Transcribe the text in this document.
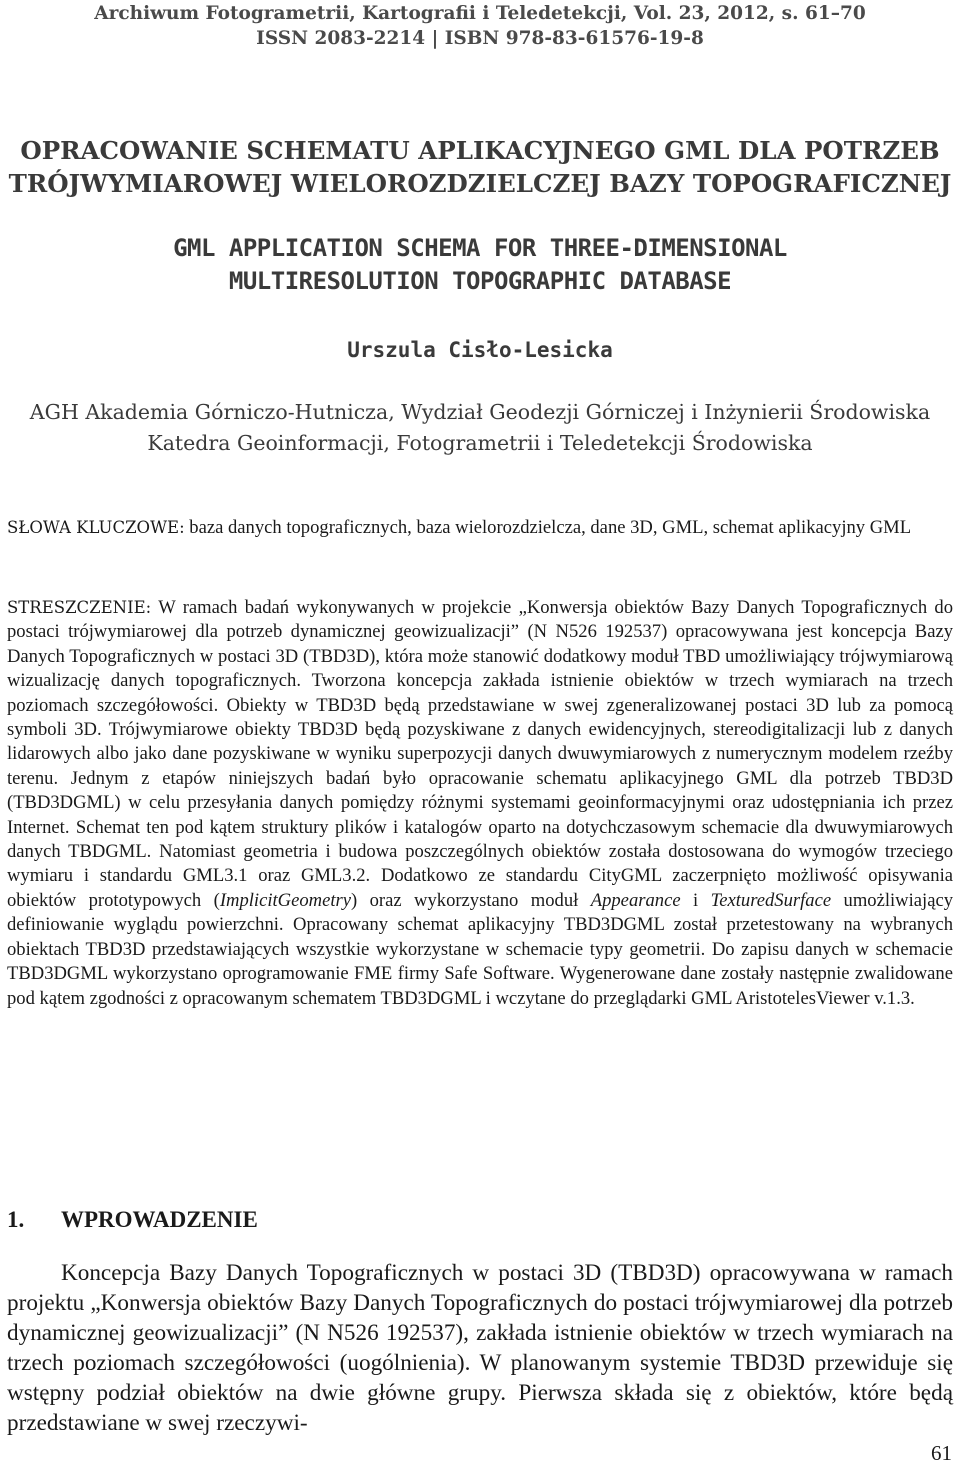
Archiwum Fotogrametrii, Kartografii i Teledetekcji, Vol. 23, 2012, s. 61–70
ISSN 2083-2214 | ISBN 978-83-61576-19-8
OPRACOWANIE SCHEMATU APLIKACYJNEGO GML DLA POTRZEB
TRÓJWYMIAROWEJ WIELOROZDZIELCZEJ BAZY TOPOGRAFICZNEJ
GML APPLICATION SCHEMA FOR THREE-DIMENSIONAL
MULTIRESOLUTION TOPOGRAPHIC DATABASE
Urszula Cisło-Lesicka
AGH Akademia Górniczo-Hutnicza, Wydział Geodezji Górniczej i Inżynierii Środowiska
Katedra Geoinformacji, Fotogrametrii i Teledetekcji Środowiska
SŁOWA KLUCZOWE: baza danych topograficznych, baza wielorozdzielcza, dane 3D, GML, schemat aplikacyjny GML
STRESZCZENIE: W ramach badań wykonywanych w projekcie „Konwersja obiektów Bazy Danych Topograficznych do postaci trójwymiarowej dla potrzeb dynamicznej geowizualizacji” (N N526 192537) opracowywana jest koncepcja Bazy Danych Topograficznych w postaci 3D (TBD3D), która może stanowić dodatkowy moduł TBD umożliwiający trójwymiarową wizualizację danych topograficznych. Tworzona koncepcja zakłada istnienie obiektów w trzech wymiarach na trzech poziomach szczegółowości. Obiekty w TBD3D będą przedstawiane w swej zgeneralizowanej postaci 3D lub za pomocą symboli 3D. Trójwymiarowe obiekty TBD3D będą pozyskiwane z danych ewidencyjnych, stereodigitalizacji lub z danych lidarowych albo jako dane pozyskiwane w wyniku superpozycji danych dwuwymiarowych z numerycznym modelem rzeźby terenu. Jednym z etapów niniejszych badań było opracowanie schematu aplikacyjnego GML dla potrzeb TBD3D (TBD3DGML) w celu przesyłania danych pomiędzy różnymi systemami geoinformacyjnymi oraz udostępniania ich przez Internet. Schemat ten pod kątem struktury plików i katalogów oparto na dotychczasowym schemacie dla dwuwymiarowych danych TBDGML. Natomiast geometria i budowa poszczególnych obiektów została dostosowana do wymogów trzeciego wymiaru i standardu GML3.1 oraz GML3.2. Dodatkowo ze standardu CityGML zaczerpnięto możliwość opisywania obiektów prototypowych (ImplicitGeometry) oraz wykorzystano moduł Appearance i TexturedSurface umożliwiający definiowanie wyglądu powierzchni. Opracowany schemat aplikacyjny TBD3DGML został przetestowany na wybranych obiektach TBD3D przedstawiających wszystkie wykorzystane w schemacie typy geometrii. Do zapisu danych w schemacie TBD3DGML wykorzystano oprogramowanie FME firmy Safe Software. Wygenerowane dane zostały następnie zwalidowane pod kątem zgodności z opracowanym schematem TBD3DGML i wczytane do przeglądarki GML AristotelesViewer v.1.3.
1. WPROWADZENIE
Koncepcja Bazy Danych Topograficznych w postaci 3D (TBD3D) opracowywana w ramach projektu „Konwersja obiektów Bazy Danych Topograficznych do postaci trójwymiarowej dla potrzeb dynamicznej geowizualizacji” (N N526 192537), zakłada istnienie obiektów w trzech wymiarach na trzech poziomach szczegółowości (uogólnienia). W planowanym systemie TBD3D przewiduje się wstępny podział obiektów na dwie główne grupy. Pierwsza składa się z obiektów, które będą przedstawiane w swej rzeczywi-
61
